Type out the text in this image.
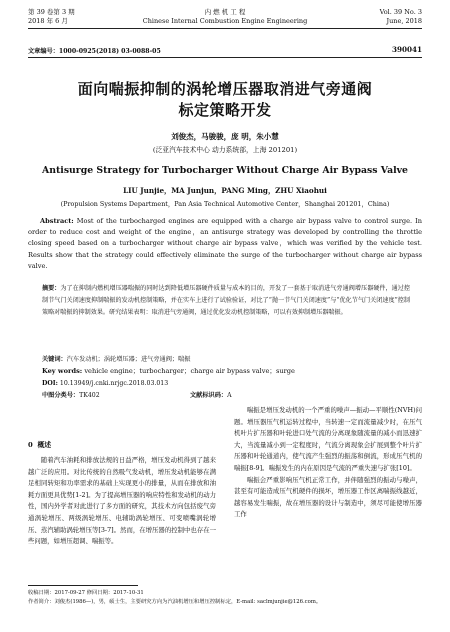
第 39 卷第 3 期
2018 年 6 月
内 燃 机 工 程
Chinese Internal Combustion Engine Engineering
Vol. 39 No. 3
June, 2018
文章编号：1000-0925(2018) 03-0088-05	390041
面向喘振抑制的涡轮增压器取消进气旁通阀
标定策略开发
刘俊杰，马骏骏，庞 明，朱小慧
(泛亚汽车技术中心 动力系统部，上海 201201)
Antisurge Strategy for Turbocharger Without Charge Air Bypass Valve
LIU Junjie，MA Junjun，PANG Ming，ZHU Xiaohui
(Propulsion Systems Department，Pan Asia Technical Automotive Center，Shanghai 201201，China)
Abstract: Most of the turbocharged engines are equipped with a charge air bypass valve to control surge. In order to reduce cost and weight of the engine，an antisurge strategy was developed by controlling the throttle closing speed based on a turbocharger without charge air bypass valve，which was verified by the vehicle test. Results show that the strategy could effectively eliminate the surge of the turbocharger without charge air bypass valve.
摘要：为了在抑制内燃机增压器喘振的同时达到降低增压器硬件质量与成本的目的，开发了一套基于取消进气旁通阀增压器硬件，通过控制节气门关闭速度抑制喘振的发动机控制策略，并在实车上进行了试验验证，对比了“抛一节气门关闭速度”与“优化节气门关闭速度”控制策略对喘振的抑制效果。研究结果表明：取消进气旁通阀，通过优化发动机控制策略，可以有效抑制增压器喘振。
关键词：汽车发动机；涡轮增压器；进气旁通阀；喘振
Key words: vehicle engine；turbocharger；charge air bypass valve；surge
DOI: 10.13949/j.cnki.nrjgc.2018.03.013
中图分类号：TK402	文献标识码：A
0 概述

随着汽车油耗和排放法规的日益严格，增压发动机得到了越来越广泛的应用。对比传统的自然吸气发动机，增压发动机能够在满足相同转矩和功率需求的基础上实现更小的排量，从而在排放和油耗方面更具优势[1-2]。为了提高增压器的响应特性和发动机的动力性，国内外学者对此进行了多方面的研究，其技术方向包括废气旁通涡轮增压、两级涡轮增压、电辅助涡轮增压、可变喷嘴涡轮增压、蒸汽辅助涡轮增压等[3-7]。然而，在增压器的控制中也存在一些问题，如增压超调、喘振等。

喘振是增压发动机的一个严重的噪声—振动—平顺性(NVH)问题。增压器压气机运转过程中，当转速一定而流量减少时，在压气机叶片扩压器和叶轮进口处气流的分离现象随流量的减小而迅速扩大，当流量减小到一定程度时，气流分离现象会扩展到整个叶片扩压器和叶轮通道内，使气流产生强烈的振荡和倒流，形成压气机的喘振[8-9]。喘振发生的内在原因是气流的严重失速与扩张[10]。

喘振会严重影响压气机正常工作，并伴随强烈的振动与噪声，甚至有可能造成压气机硬件的损坏，增压器工作区离喘振线越近，越容易发生喘振，故在增压器的设计与制造中，须尽可能使增压器工作

收稿日期：2017-09-27 修回日期：2017-10-31
作者简介：刘俊杰(1986—)，男，硕士生，主要研究方向为汽油机增压和增压控制标定，E-mail: saclmjunjie@126.com。
